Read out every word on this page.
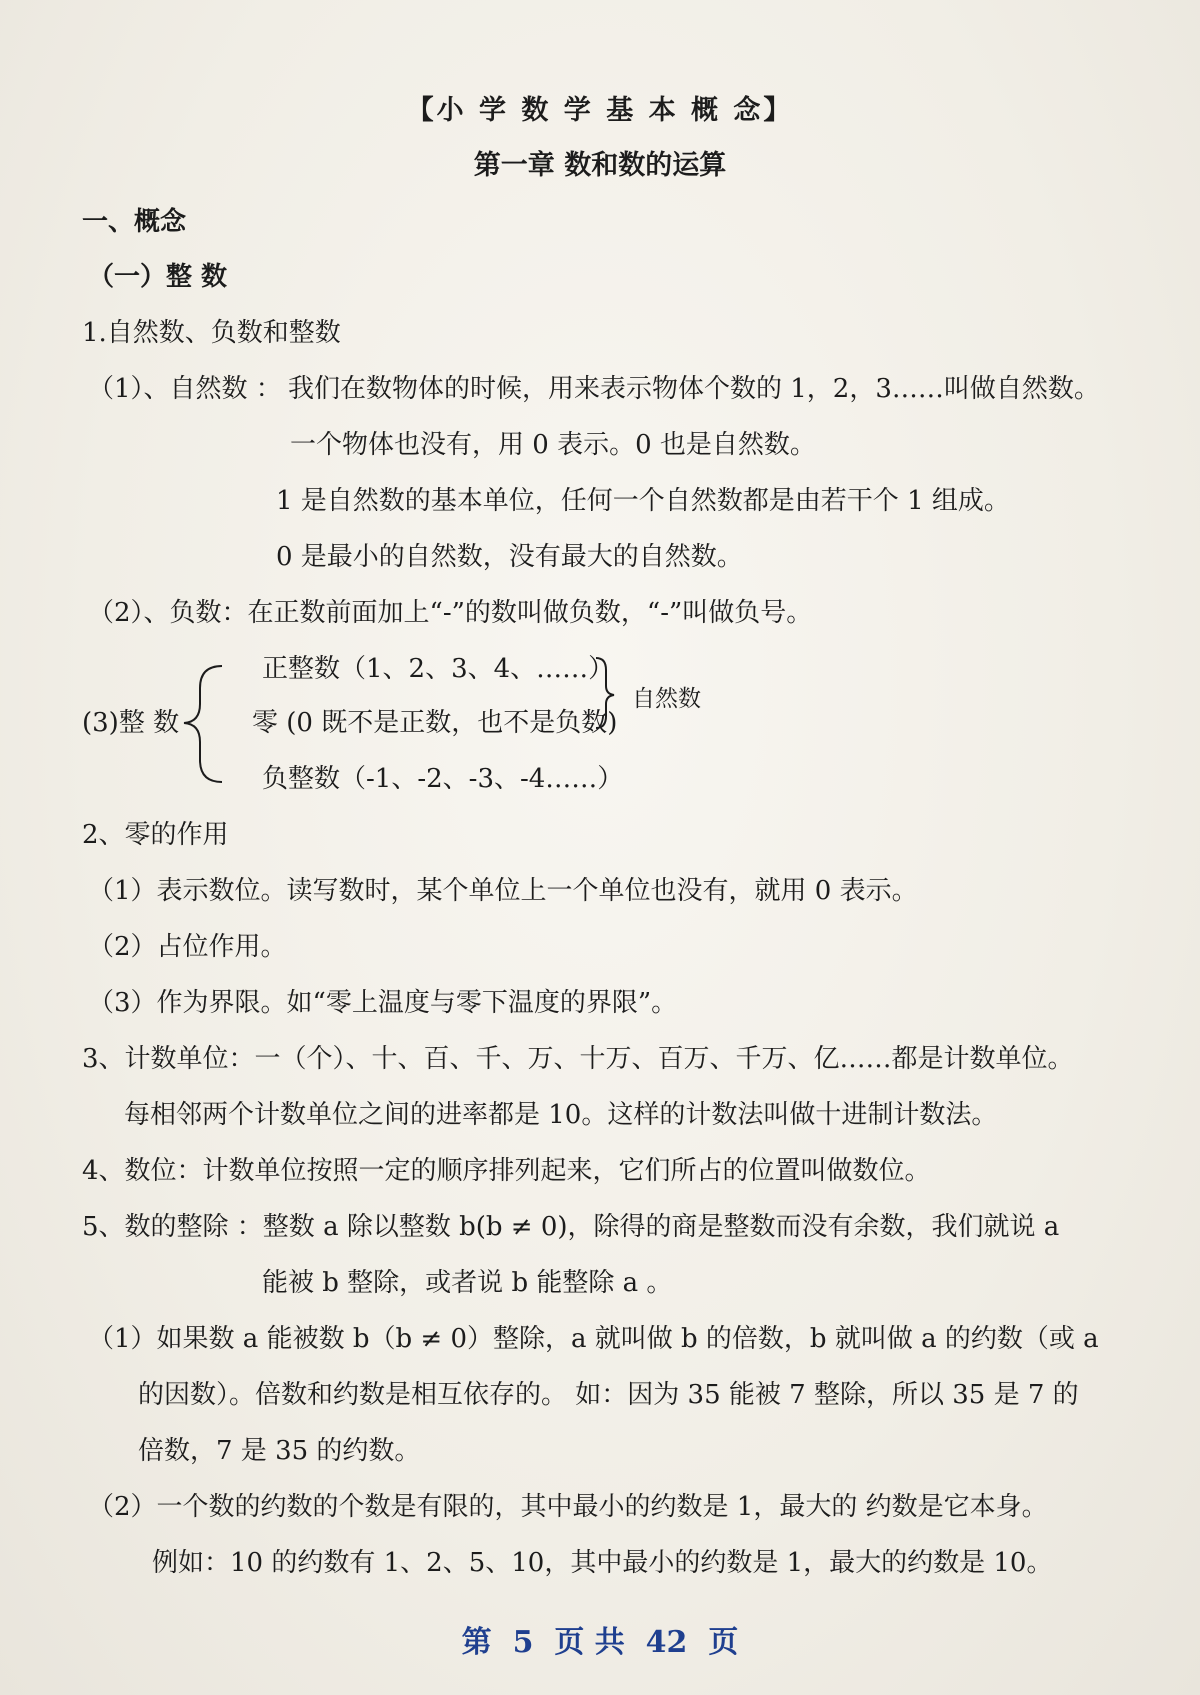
【小 学 数 学 基 本 概 念】
第一章 数和数的运算
一、概念
（一）整 数
1.自然数、负数和整数
（1）、自然数 ： 我们在数物体的时候，用来表示物体个数的 1，2，3……叫做自然数。
一个物体也没有，用 0 表示。0 也是自然数。
1 是自然数的基本单位，任何一个自然数都是由若干个 1 组成。
0 是最小的自然数，没有最大的自然数。
（2）、负数：在正数前面加上“-”的数叫做负数，“-”叫做负号。
(3)整 数
正整数（1、2、3、4、……）
零 (0 既不是正数，也不是负数)
负整数（-1、-2、-3、-4……）
自然数
2、零的作用
（1）表示数位。读写数时，某个单位上一个单位也没有，就用 0 表示。
（2）占位作用。
（3）作为界限。如“零上温度与零下温度的界限”。
3、计数单位：一（个）、十、百、千、万、十万、百万、千万、亿……都是计数单位。
每相邻两个计数单位之间的进率都是 10。这样的计数法叫做十进制计数法。
4、数位：计数单位按照一定的顺序排列起来，它们所占的位置叫做数位。
5、数的整除 ：整数 a 除以整数 b(b ≠ 0)，除得的商是整数而没有余数，我们就说 a
能被 b 整除，或者说 b 能整除 a 。
（1）如果数 a 能被数 b（b ≠ 0）整除，a 就叫做 b 的倍数，b 就叫做 a 的约数（或 a
的因数）。倍数和约数是相互依存的。 如：因为 35 能被 7 整除，所以 35 是 7 的
倍数，7 是 35 的约数。
（2）一个数的约数的个数是有限的，其中最小的约数是 1，最大的 约数是它本身。
例如：10 的约数有 1、2、5、10，其中最小的约数是 1，最大的约数是 10。
第 5 页 共 42 页
